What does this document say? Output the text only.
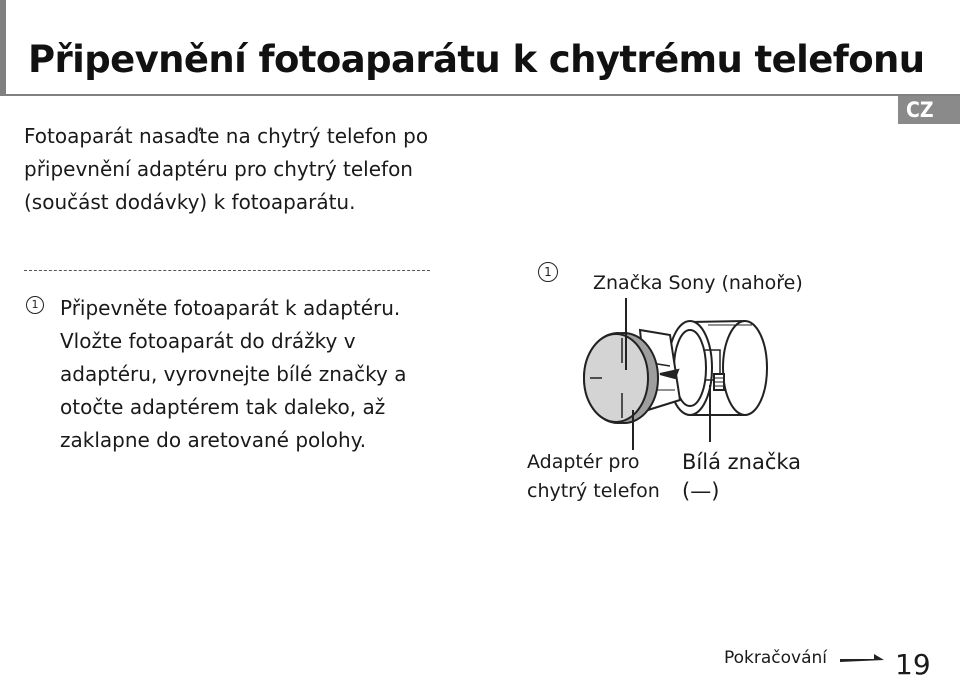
Připevnění fotoaparátu k chytrému telefonu
CZ

Fotoaparát nasaďte na chytrý telefon po připevnění adaptéru pro chytrý telefon (součást dodávky) k fotoaparátu.

1 Připevněte fotoaparát k adaptéru.
Vložte fotoaparát do drážky v adaptéru, vyrovnejte bílé značky a otočte adaptérem tak daleko, až zaklapne do aretované polohy.
1	Značka Sony (nahoře)
Adaptér pro chytrý telefon
Bílá značka (—)
Pokračování 19
